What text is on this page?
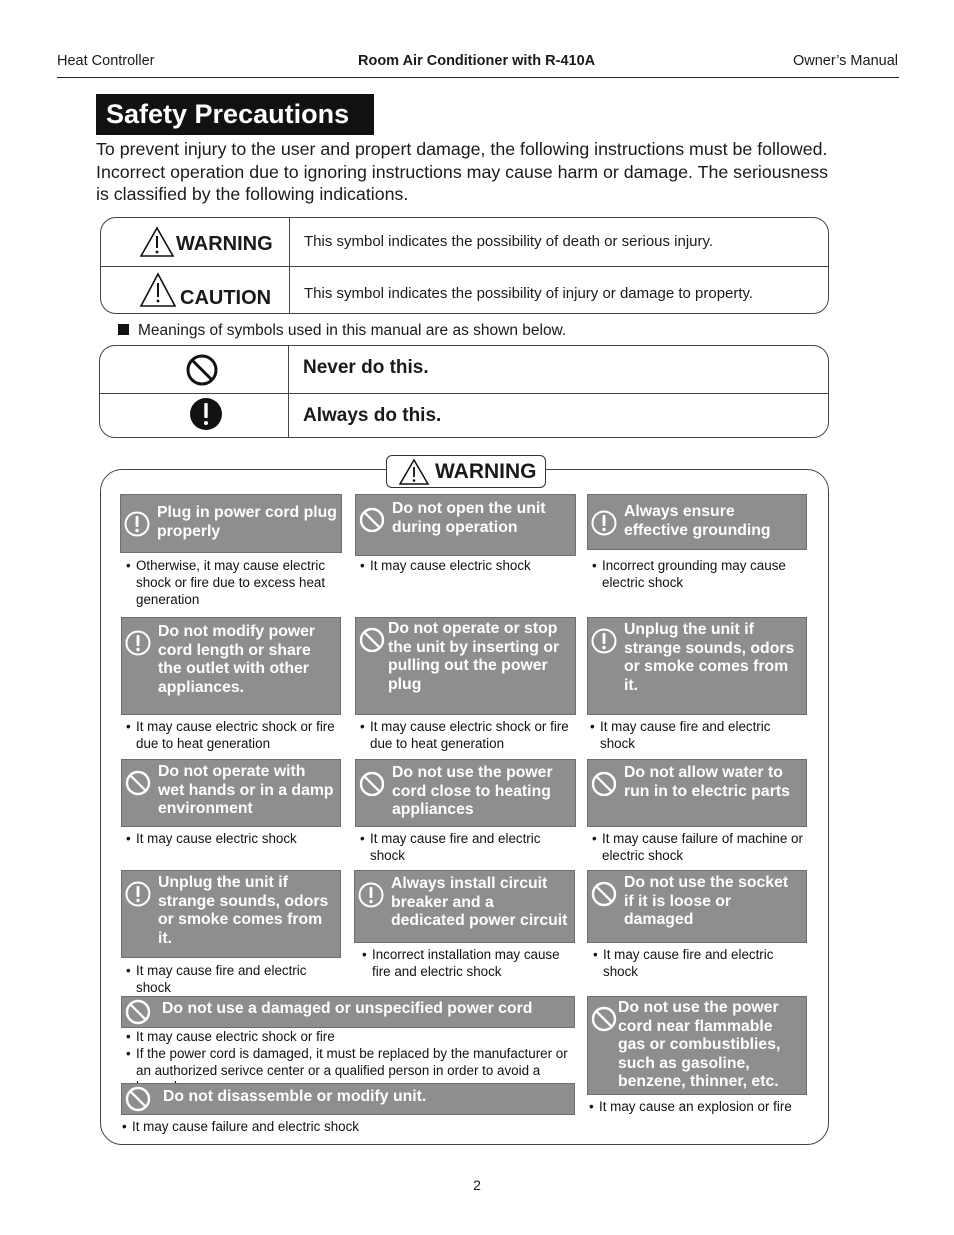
Heat Controller	Room Air Conditioner with R-410A	Owner’s Manual
Safety Precautions
To prevent injury to the user and propert damage, the following instructions must be followed. Incorrect operation due to ignoring instructions may cause harm or damage. The seriousness is classified by the following indications.
WARNING This symbol indicates the possibility of death or serious injury.
CAUTION This symbol indicates the possibility of injury or damage to property.
Meanings of symbols used in this manual are as shown below.
Never do this.
Always do this.
WARNING
Plug in power cord plug properly
• Otherwise, it may cause electric shock or fire due to excess heat generation
Do not open the unit during operation
• It may cause electric shock
Always ensure effective grounding
• Incorrect grounding may cause electric shock
Do not modify power cord length or share the outlet with other appliances.
• It may cause electric shock or fire due to heat generation
Do not operate or stop the unit by inserting or pulling out the power plug
• It may cause electric shock or fire due to heat generation
Unplug the unit if strange sounds, odors or smoke comes from it.
• It may cause fire and electric shock
Do not operate with wet hands or in a damp environment
• It may cause electric shock
Do not use the power cord close to heating appliances
• It may cause fire and electric shock
Do not allow water to run in to electric parts
• It may cause failure of machine or electric shock
Unplug the unit if strange sounds, odors or smoke comes from it.
• It may cause fire and electric shock
Always install circuit breaker and a dedicated power circuit
• Incorrect installation may cause fire and electric shock
Do not use the socket if it is loose or damaged
• It may cause fire and electric shock
Do not use a damaged or unspecified power cord
• It may cause electric shock or fire
• If the power cord is damaged, it must be replaced by the manufacturer or an authorized serivce center or a qualified person in order to avoid a
Do not use the power cord near flammable gas or combustiblies, such as gasoline, benzene, thinner, etc.
• It may cause an explosion or fire
Do not disassemble or modify unit.
• It may cause failure and electric shock
2
